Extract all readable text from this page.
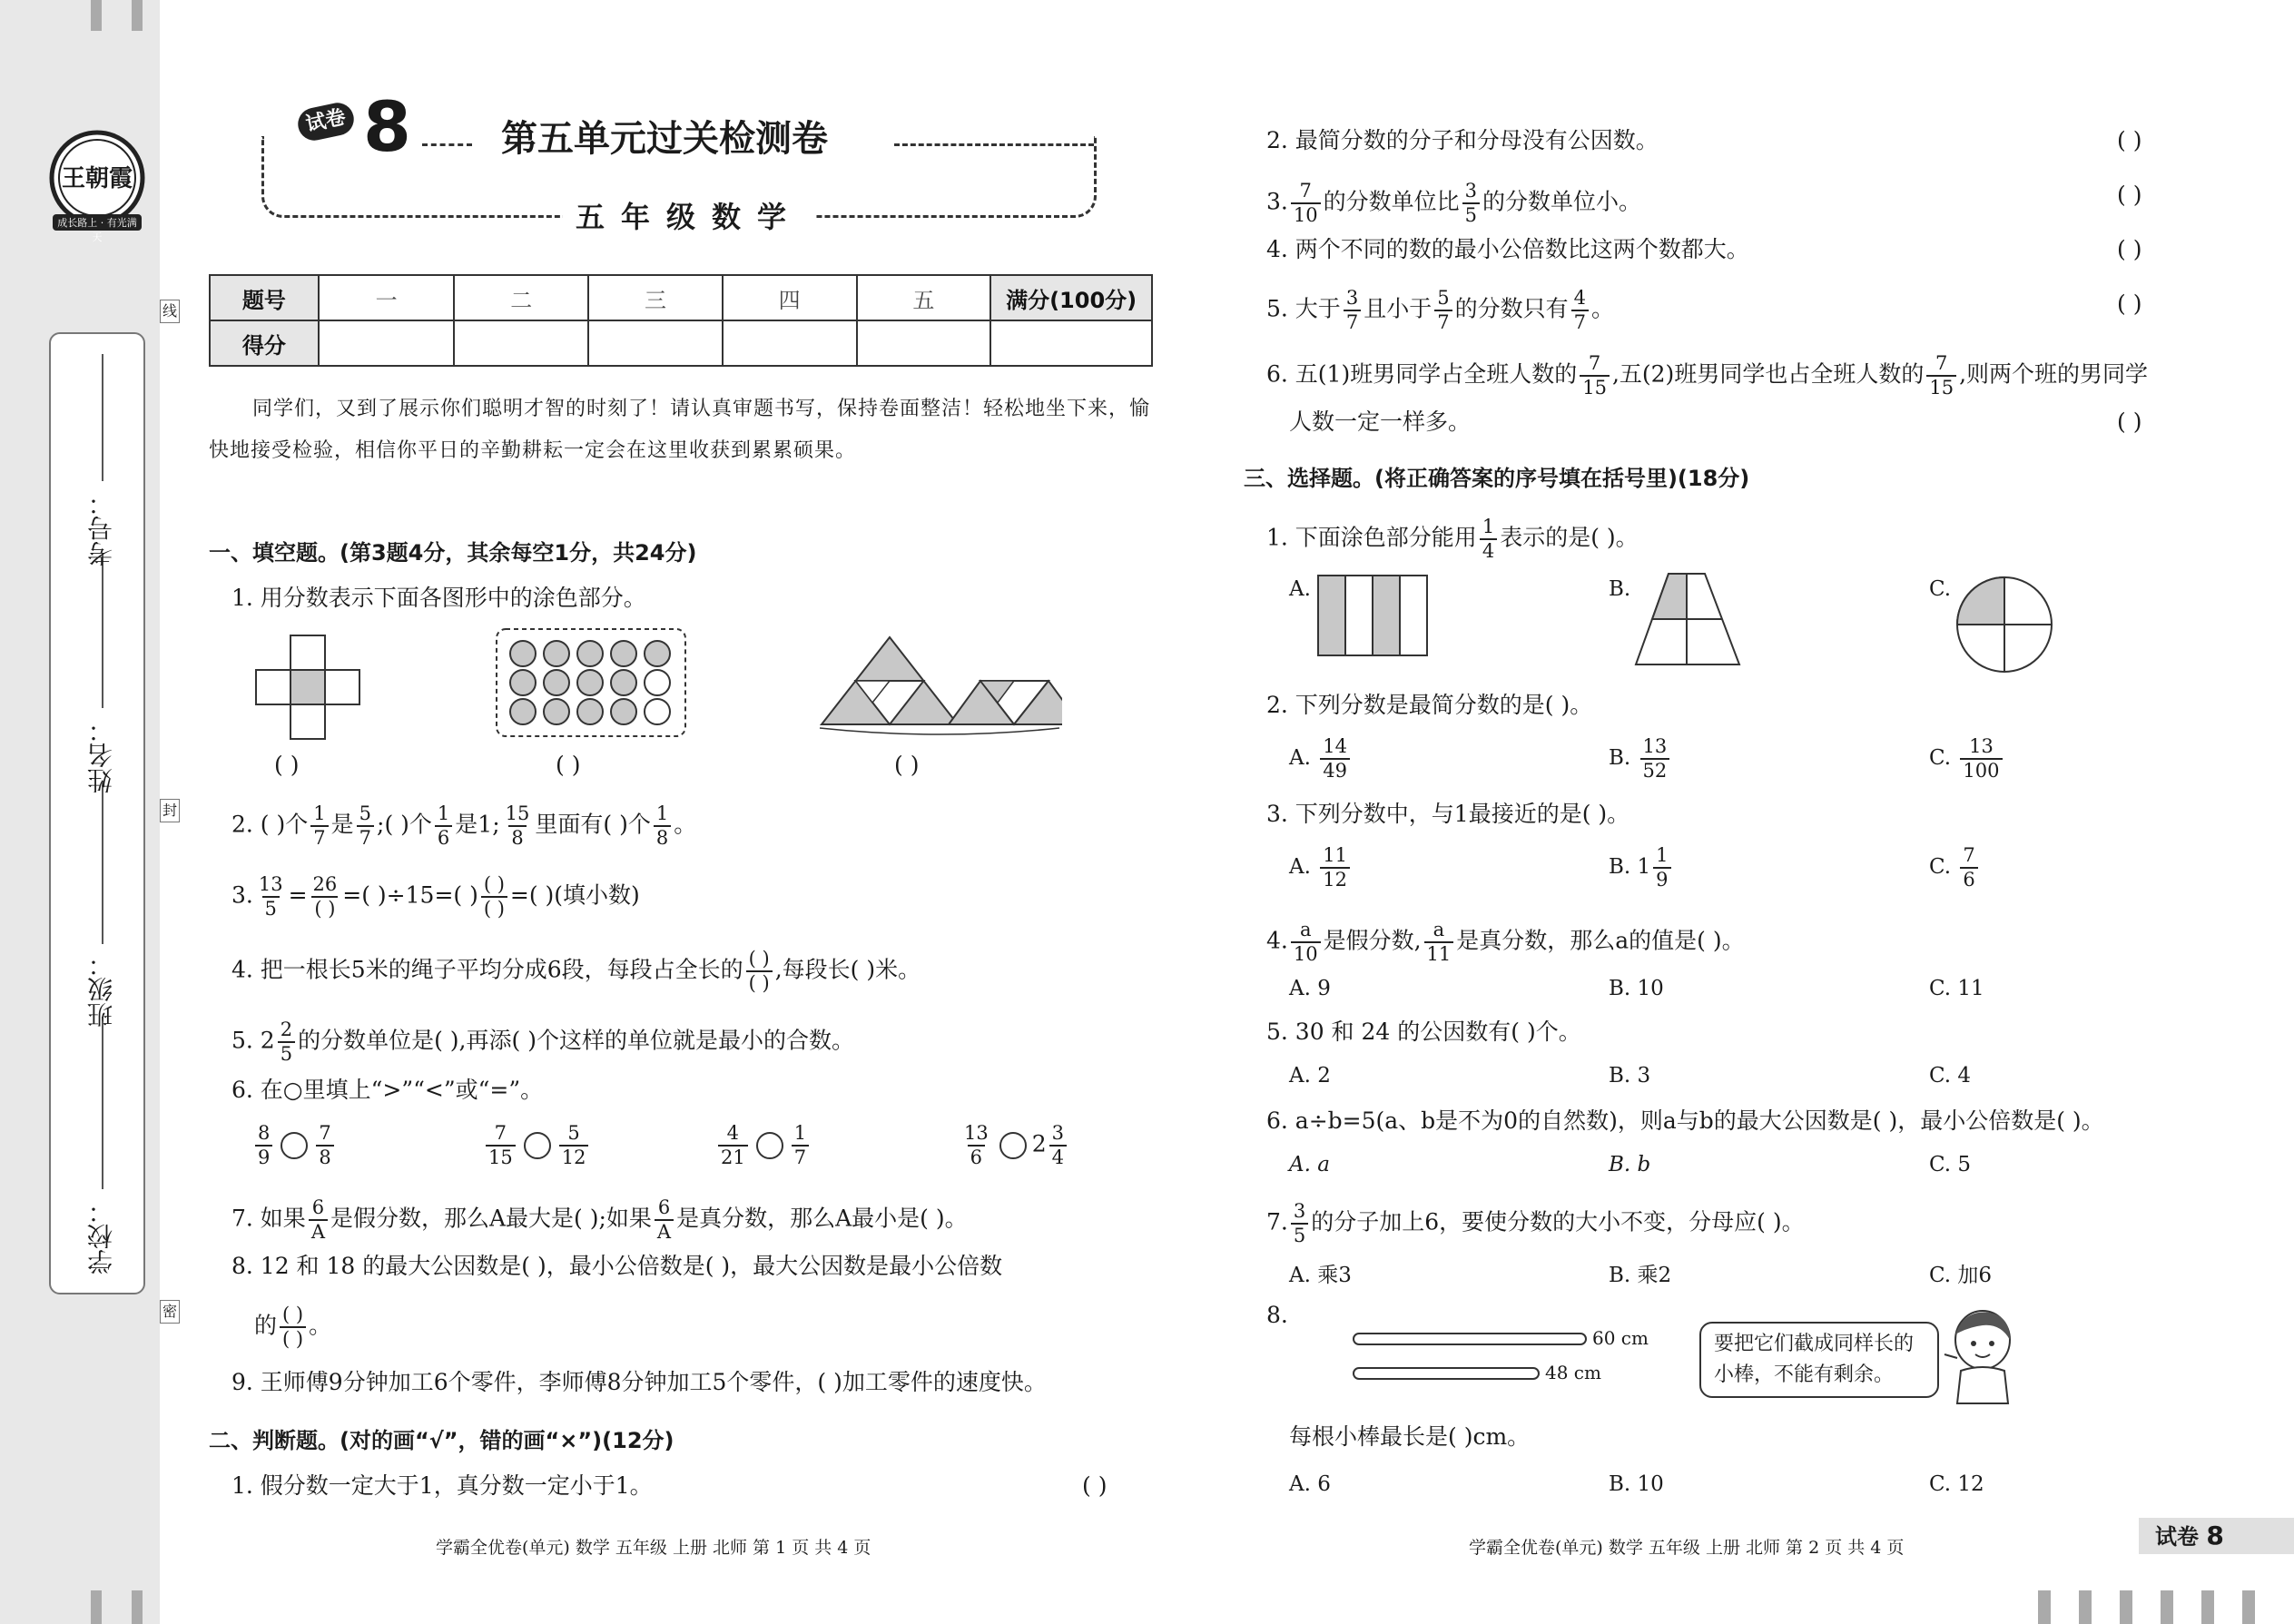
王朝霞
成长路上 · 有光满天
学校：
班级：
姓名：
考号：
线
封
密
试卷 8 第五单元过关检测卷
五年级数学
题号	一	二	三	四	五	满分(100分)
得分						
同学们，又到了展示你们聪明才智的时刻了！请认真审题书写，保持卷面整洁！轻松地坐下来，愉
快地接受检验，相信你平日的辛勤耕耘一定会在这里收获到累累硕果。
一、填空题。(第3题4分，其余每空1分，共24分)
1. 用分数表示下面各图形中的涂色部分。
( )	( )	( )
2. ( )个 $\frac{1}{7}$ 是 $\frac{5}{7}$ ;( )个 $\frac{1}{6}$ 是1; $\frac{15}{8}$ 里面有( )个 $\frac{1}{8}$ 。
3. $\frac{13}{5} = \frac{26}{( )}$ =( )÷15=( ) $\frac{( )}{( )}$ =( )(填小数)
4. 把一根长5米的绳子平均分成6段，每段占全长的 $\frac{( )}{( )}$ ,每段长( )米。
5. $2 \frac{2}{5}$ 的分数单位是( ),再添( )个这样的单位就是最小的合数。
6. 在○里填上“>”“<”或“=”。
$\frac{8}{9} \frac{7}{8}$	$\frac{7}{15} \frac{5}{12}$	$\frac{4}{21} \frac{1}{7}$	$\frac{13}{6} 2 \frac{3}{4}$
7. 如果 $\frac{6}{A}$ 是假分数，那么A最大是( );如果 $\frac{6}{A}$ 是真分数，那么A最小是( )。
8. 12 和 18 的最大公因数是( )，最小公倍数是( )，最大公因数是最小公倍数
的 $\frac{( )}{( )}$ 。
9. 王师傅9分钟加工6个零件，李师傅8分钟加工5个零件，( )加工零件的速度快。
二、判断题。(对的画“√”，错的画“×”)(12分)
1. 假分数一定大于1，真分数一定小于1。	( )
学霸全优卷(单元) 数学 五年级 上册 北师 第 1 页 共 4 页
2. 最简分数的分子和分母没有公因数。	( )
3. $\frac{7}{10}$ 的分数单位比 $\frac{3}{5}$ 的分数单位小。	( )
4. 两个不同的数的最小公倍数比这两个数都大。	( )
5. 大于 $\frac{3}{7}$ 且小于 $\frac{5}{7}$ 的分数只有 $\frac{4}{7}$ 。	( )
6. 五(1)班男同学占全班人数的 $\frac{7}{15}$ ,五(2)班男同学也占全班人数的 $\frac{7}{15}$ ,则两个班的男同学
人数一定一样多。	( )
三、选择题。(将正确答案的序号填在括号里)(18分)
1. 下面涂色部分能用 $\frac{1}{4}$ 表示的是( )。
A.	B.	C.
2. 下列分数是最简分数的是( )。
A. $\frac{14}{49}$	B. $\frac{13}{52}$	C. $\frac{13}{100}$
3. 下列分数中，与1最接近的是( )。
A. $\frac{11}{12}$	B. $1 \frac{1}{9}$	C. $\frac{7}{6}$
4. $\frac{a}{10}$ 是假分数, $\frac{a}{11}$ 是真分数，那么a的值是( )。
A. 9	B. 10	C. 11
5. 30 和 24 的公因数有( )个。
A. 2	B. 3	C. 4
6. a÷b=5(a、b是不为0的自然数)，则a与b的最大公因数是( )，最小公倍数是( )。
A. a	B. b	C. 5
7. $\frac{3}{5}$ 的分子加上6，要使分数的大小不变，分母应( )。
A. 乘3	B. 乘2	C. 加6
8.
60 cm
48 cm
要把它们截成同样长的
小棒，不能有剩余。
每根小棒最长是( )cm。
A. 6	B. 10	C. 12
学霸全优卷(单元) 数学 五年级 上册 北师 第 2 页 共 4 页	试卷 8
